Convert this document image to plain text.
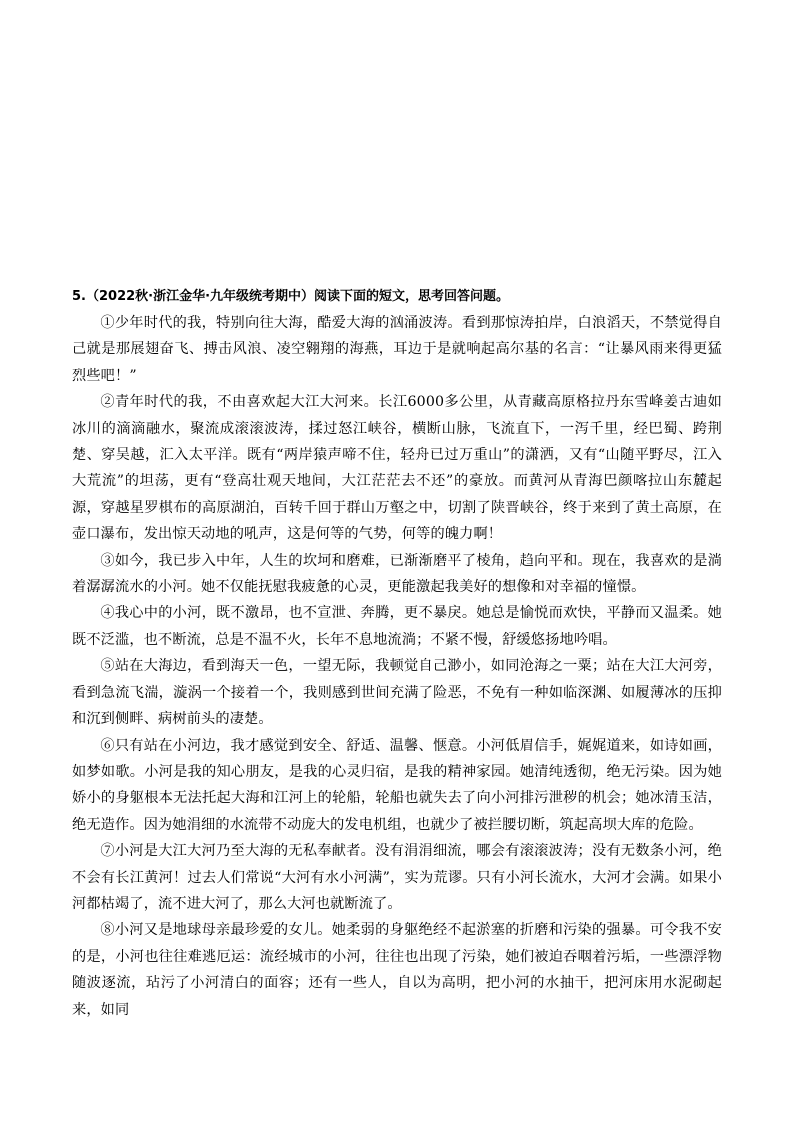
5.（2022秋·浙江金华·九年级统考期中）阅读下面的短文，思考回答问题。

①少年时代的我，特别向往大海，酷爱大海的汹涌波涛。看到那惊涛拍岸，白浪滔天，不禁觉得自己就是那展翅奋飞、搏击风浪、凌空翱翔的海燕，耳边于是就响起高尔基的名言：“让暴风雨来得更猛烈些吧！”

②青年时代的我，不由喜欢起大江大河来。长江6000多公里，从青藏高原格拉丹东雪峰姜古迪如冰川的滴滴融水，聚流成滚滚波涛，揉过怒江峡谷，横断山脉，飞流直下，一泻千里，经巴蜀、跨荆楚、穿吴越，汇入太平洋。既有“两岸猿声啼不住，轻舟已过万重山”的潇洒，又有“山随平野尽，江入大荒流”的坦荡，更有“登高壮观天地间，大江茫茫去不还”的豪放。而黄河从青海巴颜喀拉山东麓起源，穿越星罗棋布的高原湖泊，百转千回于群山万壑之中，切割了陕晋峡谷，终于来到了黄土高原，在壶口瀑布，发出惊天动地的吼声，这是何等的气势，何等的魄力啊！

③如今，我已步入中年，人生的坎坷和磨难，已渐渐磨平了棱角，趋向平和。现在，我喜欢的是淌着潺潺流水的小河。她不仅能抚慰我疲惫的心灵，更能激起我美好的想像和对幸福的憧憬。

④我心中的小河，既不激昂，也不宣泄、奔腾，更不暴戾。她总是愉悦而欢快，平静而又温柔。她既不泛滥，也不断流，总是不温不火，长年不息地流淌；不紧不慢，舒缓悠扬地吟唱。

⑤站在大海边，看到海天一色，一望无际，我顿觉自己渺小，如同沧海之一粟；站在大江大河旁，看到急流飞湍，漩涡一个接着一个，我则感到世间充满了险恶，不免有一种如临深渊、如履薄冰的压抑和沉到侧畔、病树前头的凄楚。

⑥只有站在小河边，我才感觉到安全、舒适、温馨、惬意。小河低眉信手，娓娓道来，如诗如画，如梦如歌。小河是我的知心朋友，是我的心灵归宿，是我的精神家园。她清纯透彻，绝无污染。因为她娇小的身躯根本无法托起大海和江河上的轮船，轮船也就失去了向小河排污泄秽的机会；她冰清玉洁，绝无造作。因为她涓细的水流带不动庞大的发电机组，也就少了被拦腰切断，筑起高坝大库的危险。

⑦小河是大江大河乃至大海的无私奉献者。没有涓涓细流，哪会有滚滚波涛；没有无数条小河，绝不会有长江黄河！过去人们常说“大河有水小河满”，实为荒谬。只有小河长流水，大河才会满。如果小河都枯竭了，流不进大河了，那么大河也就断流了。

⑧小河又是地球母亲最珍爱的女儿。她柔弱的身躯绝经不起淤塞的折磨和污染的强暴。可令我不安的是，小河也往往难逃厄运：流经城市的小河，往往也出现了污染，她们被迫吞咽着污垢，一些漂浮物随波逐流，玷污了小河清白的面容；还有一些人，自以为高明，把小河的水抽干，把河床用水泥砌起来，如同
